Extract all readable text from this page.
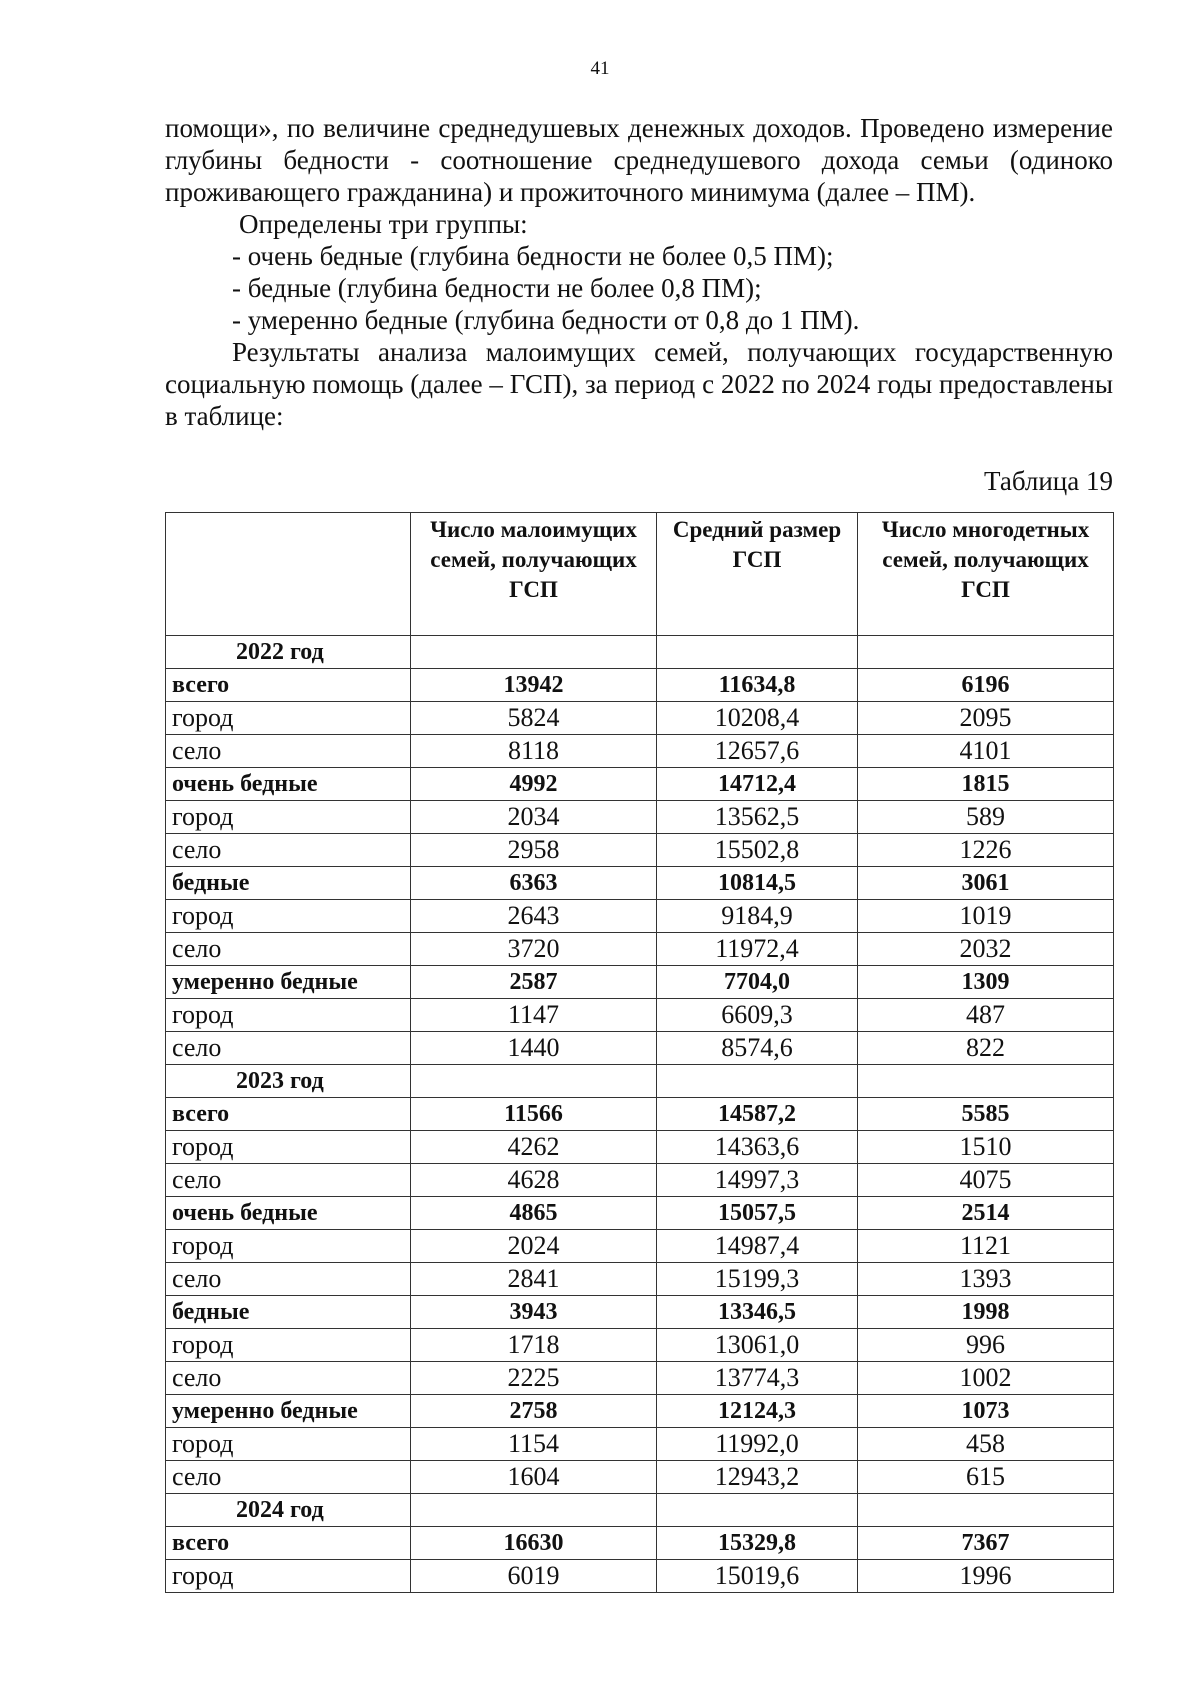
41

помощи», по величине среднедушевых денежных доходов. Проведено измерение глубины бедности - соотношение среднедушевого дохода семьи (одиноко проживающего гражданина) и прожиточного минимума (далее – ПМ).

Определены три группы:

- очень бедные (глубина бедности не более 0,5 ПМ);

- бедные (глубина бедности не более 0,8 ПМ);

- умеренно бедные (глубина бедности от 0,8 до 1 ПМ).

Результаты анализа малоимущих семей, получающих государственную социальную помощь (далее – ГСП), за период с 2022 по 2024 годы предоставлены в таблице:

Таблица 19
	Число малоимущих семей, получающих ГСП	Средний размер ГСП	Число многодетных семей, получающих ГСП
2022 год			
всего	13942	11634,8	6196
город	5824	10208,4	2095
село	8118	12657,6	4101
очень бедные	4992	14712,4	1815
город	2034	13562,5	589
село	2958	15502,8	1226
бедные	6363	10814,5	3061
город	2643	9184,9	1019
село	3720	11972,4	2032
умеренно бедные	2587	7704,0	1309
город	1147	6609,3	487
село	1440	8574,6	822
2023 год			
всего	11566	14587,2	5585
город	4262	14363,6	1510
село	4628	14997,3	4075
очень бедные	4865	15057,5	2514
город	2024	14987,4	1121
село	2841	15199,3	1393
бедные	3943	13346,5	1998
город	1718	13061,0	996
село	2225	13774,3	1002
умеренно бедные	2758	12124,3	1073
город	1154	11992,0	458
село	1604	12943,2	615
2024 год			
всего	16630	15329,8	7367
город	6019	15019,6	1996
